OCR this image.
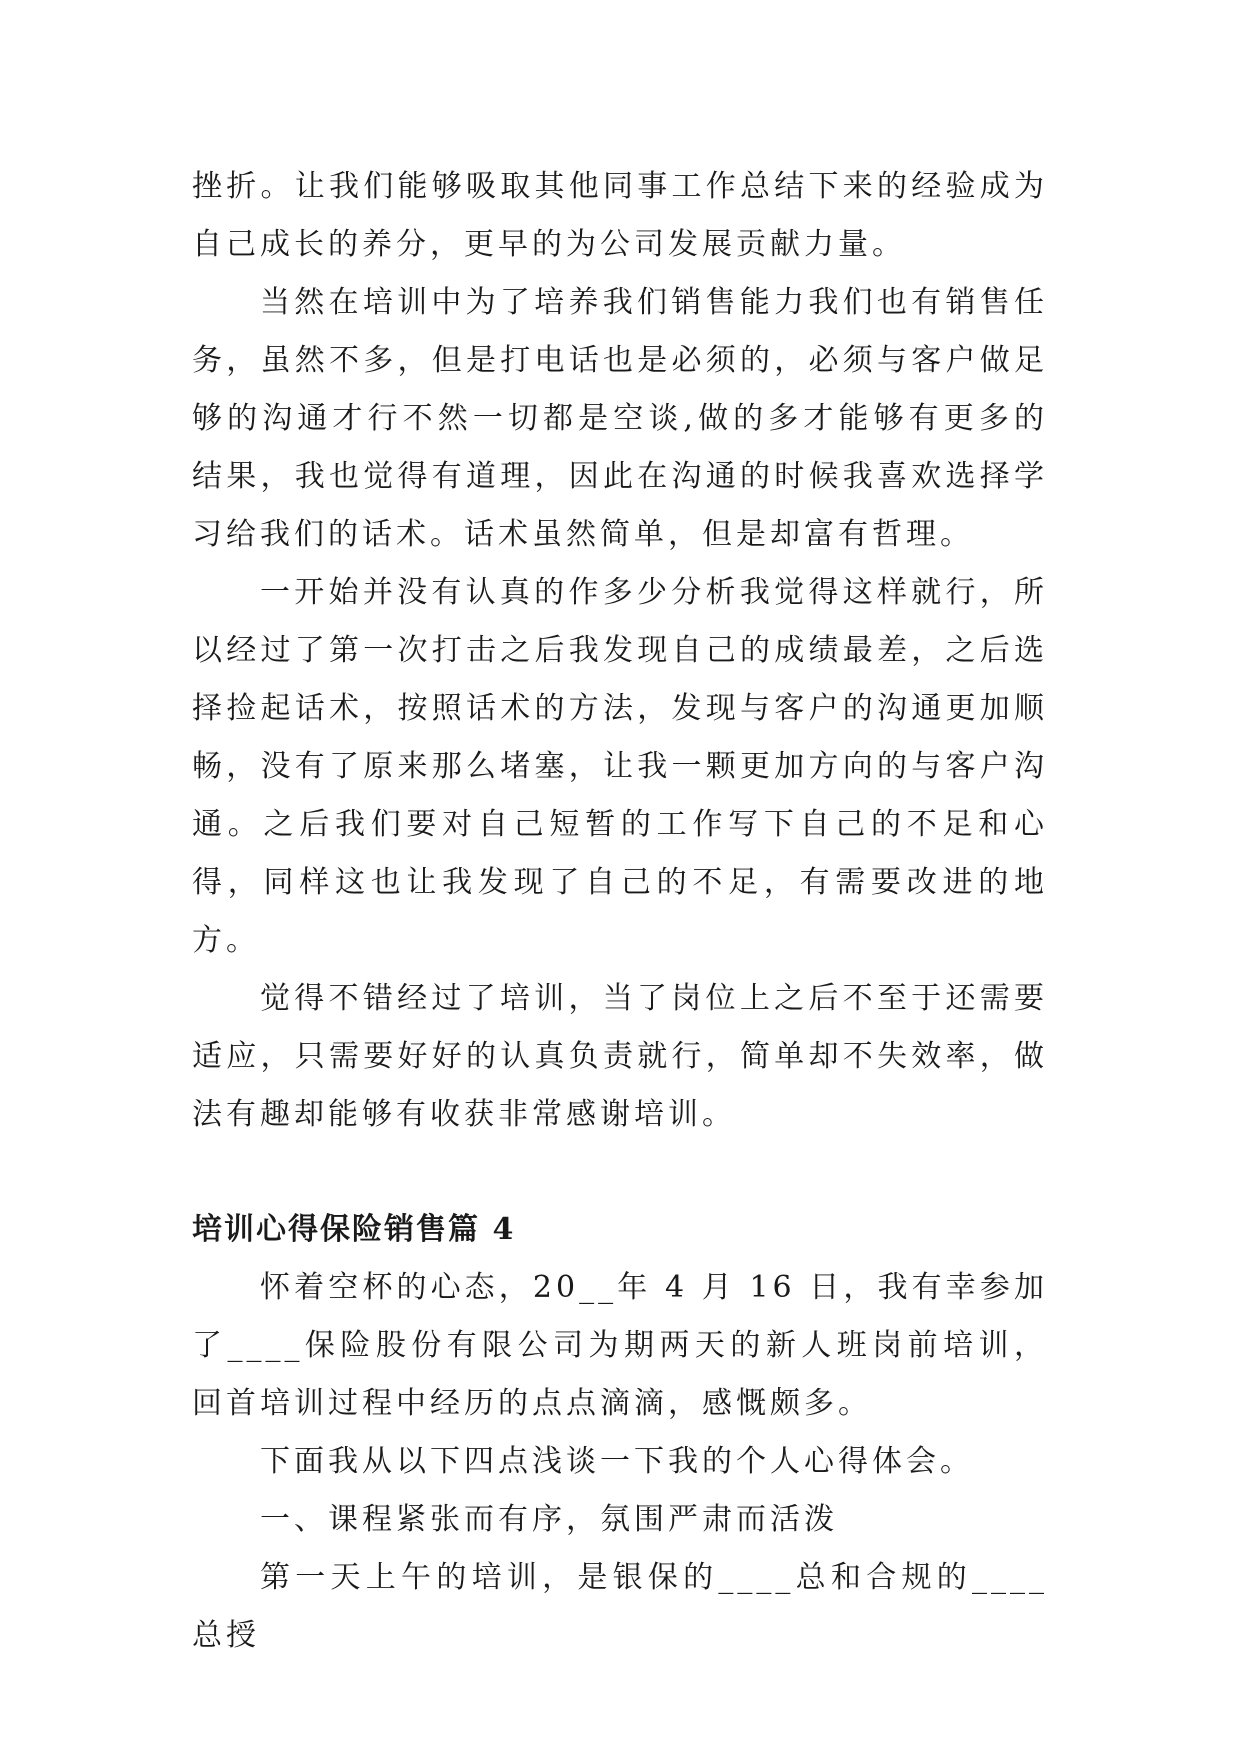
挫折。让我们能够吸取其他同事工作总结下来的经验成为自己成长的养分，更早的为公司发展贡献力量。

当然在培训中为了培养我们销售能力我们也有销售任务，虽然不多，但是打电话也是必须的，必须与客户做足够的沟通才行不然一切都是空谈,做的多才能够有更多的结果，我也觉得有道理，因此在沟通的时候我喜欢选择学习给我们的话术。话术虽然简单，但是却富有哲理。

一开始并没有认真的作多少分析我觉得这样就行，所以经过了第一次打击之后我发现自己的成绩最差，之后选择捡起话术，按照话术的方法，发现与客户的沟通更加顺畅，没有了原来那么堵塞，让我一颗更加方向的与客户沟通。之后我们要对自己短暂的工作写下自己的不足和心得，同样这也让我发现了自己的不足，有需要改进的地方。

觉得不错经过了培训，当了岗位上之后不至于还需要适应，只需要好好的认真负责就行，简单却不失效率，做法有趣却能够有收获非常感谢培训。

培训心得保险销售篇 4

怀着空杯的心态，20__年 4 月 16 日，我有幸参加了____保险股份有限公司为期两天的新人班岗前培训，回首培训过程中经历的点点滴滴，感慨颇多。

下面我从以下四点浅谈一下我的个人心得体会。

一、课程紧张而有序，氛围严肃而活泼

第一天上午的培训，是银保的____总和合规的____总授
